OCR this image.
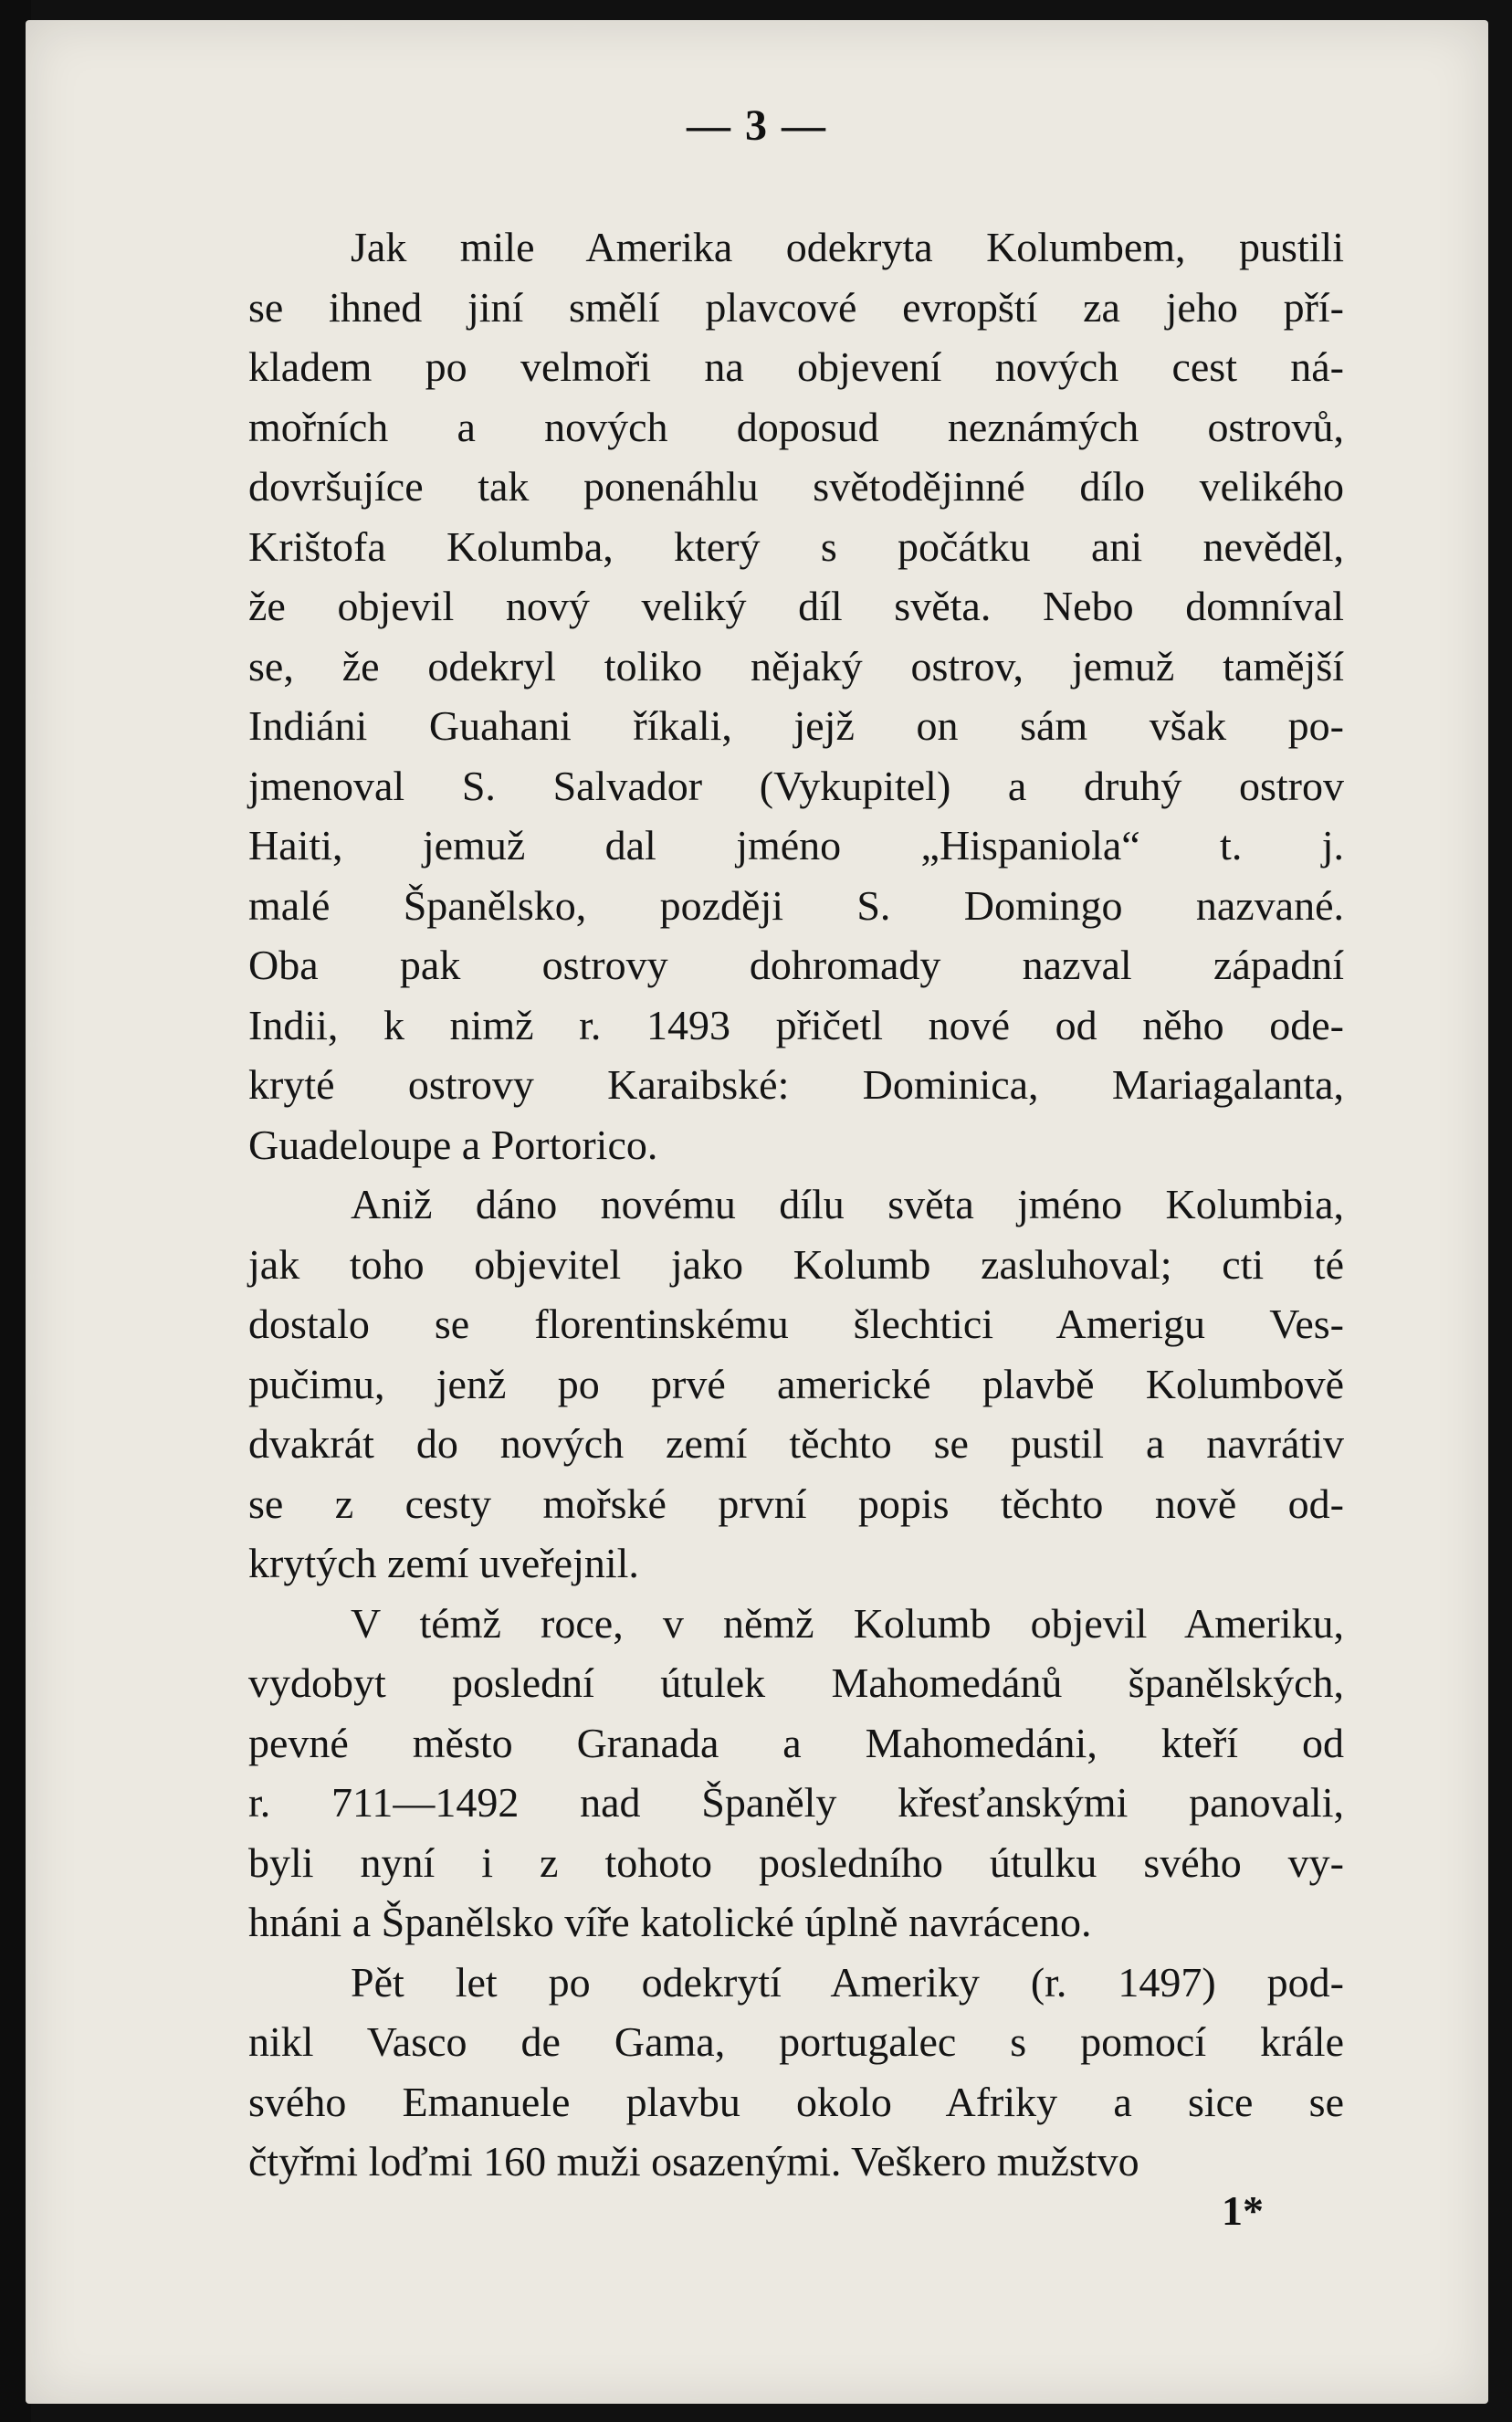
— 3 —
Jak mile Amerika odekryta Kolumbem, pustili
se ihned jiní smělí plavcové evropští za jeho pří-
kladem po velmoři na objevení nových cest ná-
mořních a nových doposud neznámých ostrovů,
dovršujíce tak ponenáhlu světodějinné dílo velikého
Krištofa Kolumba, který s počátku ani nevěděl,
že objevil nový veliký díl světa. Nebo domníval
se, že odekryl toliko nějaký ostrov, jemuž tamější
Indiáni Guahani říkali, jejž on sám však po-
jmenoval S. Salvador (Vykupitel) a druhý ostrov
Haiti, jemuž dal jméno „Hispaniola“ t. j.
malé Španělsko, později S. Domingo nazvané.
Oba pak ostrovy dohromady nazval západní
Indii, k nimž r. 1493 přičetl nové od něho ode-
kryté ostrovy Karaibské: Dominica, Mariagalanta,
Guadeloupe a Portorico.
Aniž dáno novému dílu světa jméno Kolumbia,
jak toho objevitel jako Kolumb zasluhoval; cti té
dostalo se florentinskému šlechtici Amerigu Ves-
pučimu, jenž po prvé americké plavbě Kolumbově
dvakrát do nových zemí těchto se pustil a navrátiv
se z cesty mořské první popis těchto nově od-
krytých zemí uveřejnil.
V témž roce, v němž Kolumb objevil Ameriku,
vydobyt poslední útulek Mahomedánů španělských,
pevné město Granada a Mahomedáni, kteří od
r. 711—1492 nad Španěly křesťanskými panovali,
byli nyní i z tohoto posledního útulku svého vy-
hnáni a Španělsko víře katolické úplně navráceno.
Pět let po odekrytí Ameriky (r. 1497) pod-
nikl Vasco de Gama, portugalec s pomocí krále
svého Emanuele plavbu okolo Afriky a sice se
čtyřmi loďmi 160 muži osazenými. Veškero mužstvo
1*
